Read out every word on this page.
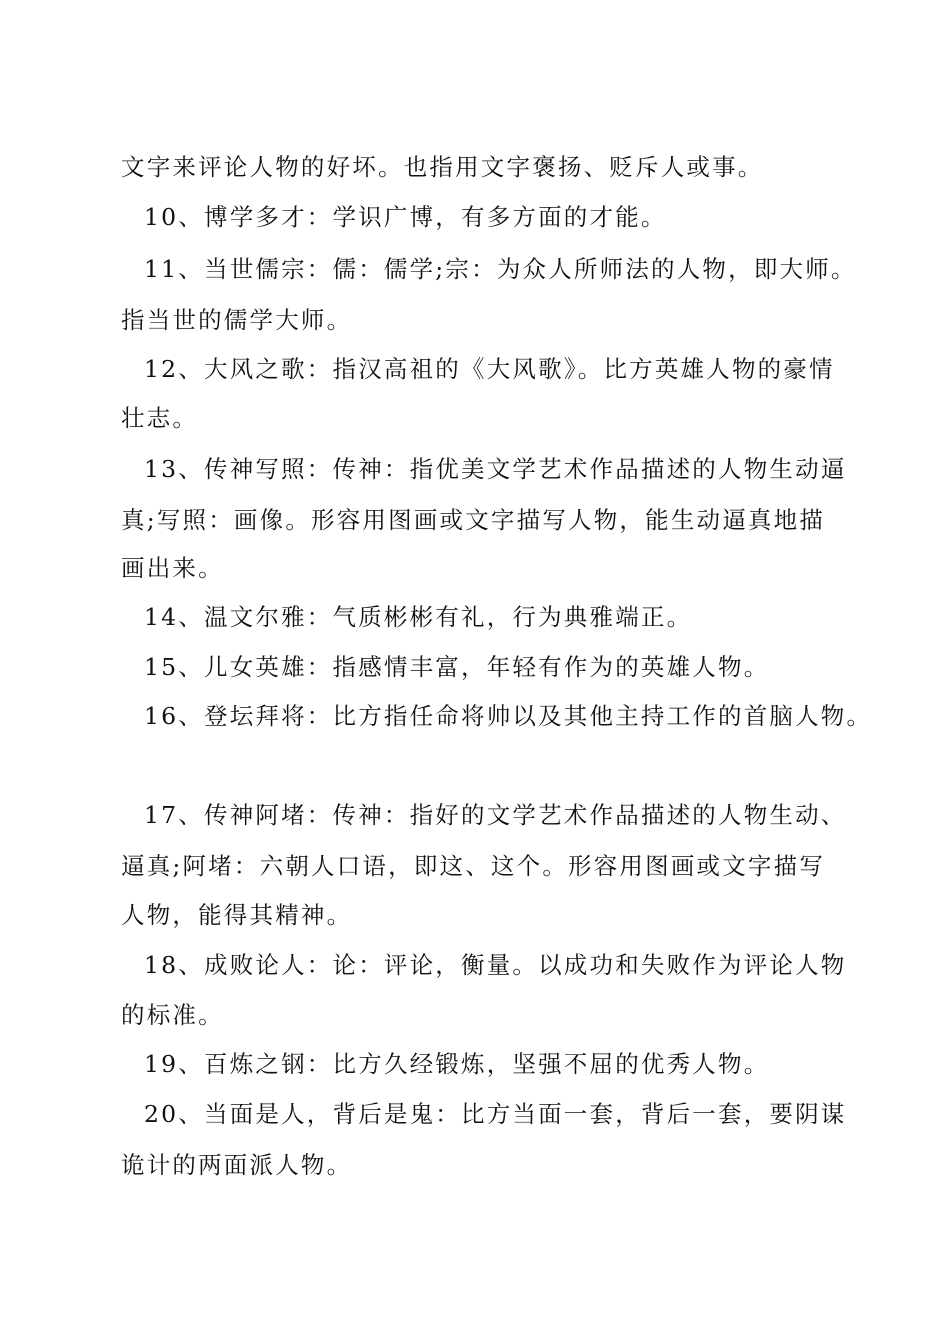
文字来评论人物的好坏。也指用文字褒扬、贬斥人或事。
10、博学多才：学识广博，有多方面的才能。
11、当世儒宗：儒：儒学;宗：为众人所师法的人物，即大师。
指当世的儒学大师。
12、大风之歌：指汉高祖的《大风歌》。比方英雄人物的豪情
壮志。
13、传神写照：传神：指优美文学艺术作品描述的人物生动逼
真;写照：画像。形容用图画或文字描写人物，能生动逼真地描
画出来。
14、温文尔雅：气质彬彬有礼，行为典雅端正。
15、儿女英雄：指感情丰富，年轻有作为的英雄人物。
16、登坛拜将：比方指任命将帅以及其他主持工作的首脑人物。
17、传神阿堵：传神：指好的文学艺术作品描述的人物生动、
逼真;阿堵：六朝人口语，即这、这个。形容用图画或文字描写
人物，能得其精神。
18、成败论人：论：评论，衡量。以成功和失败作为评论人物
的标准。
19、百炼之钢：比方久经锻炼，坚强不屈的优秀人物。
20、当面是人，背后是鬼：比方当面一套，背后一套，要阴谋
诡计的两面派人物。
